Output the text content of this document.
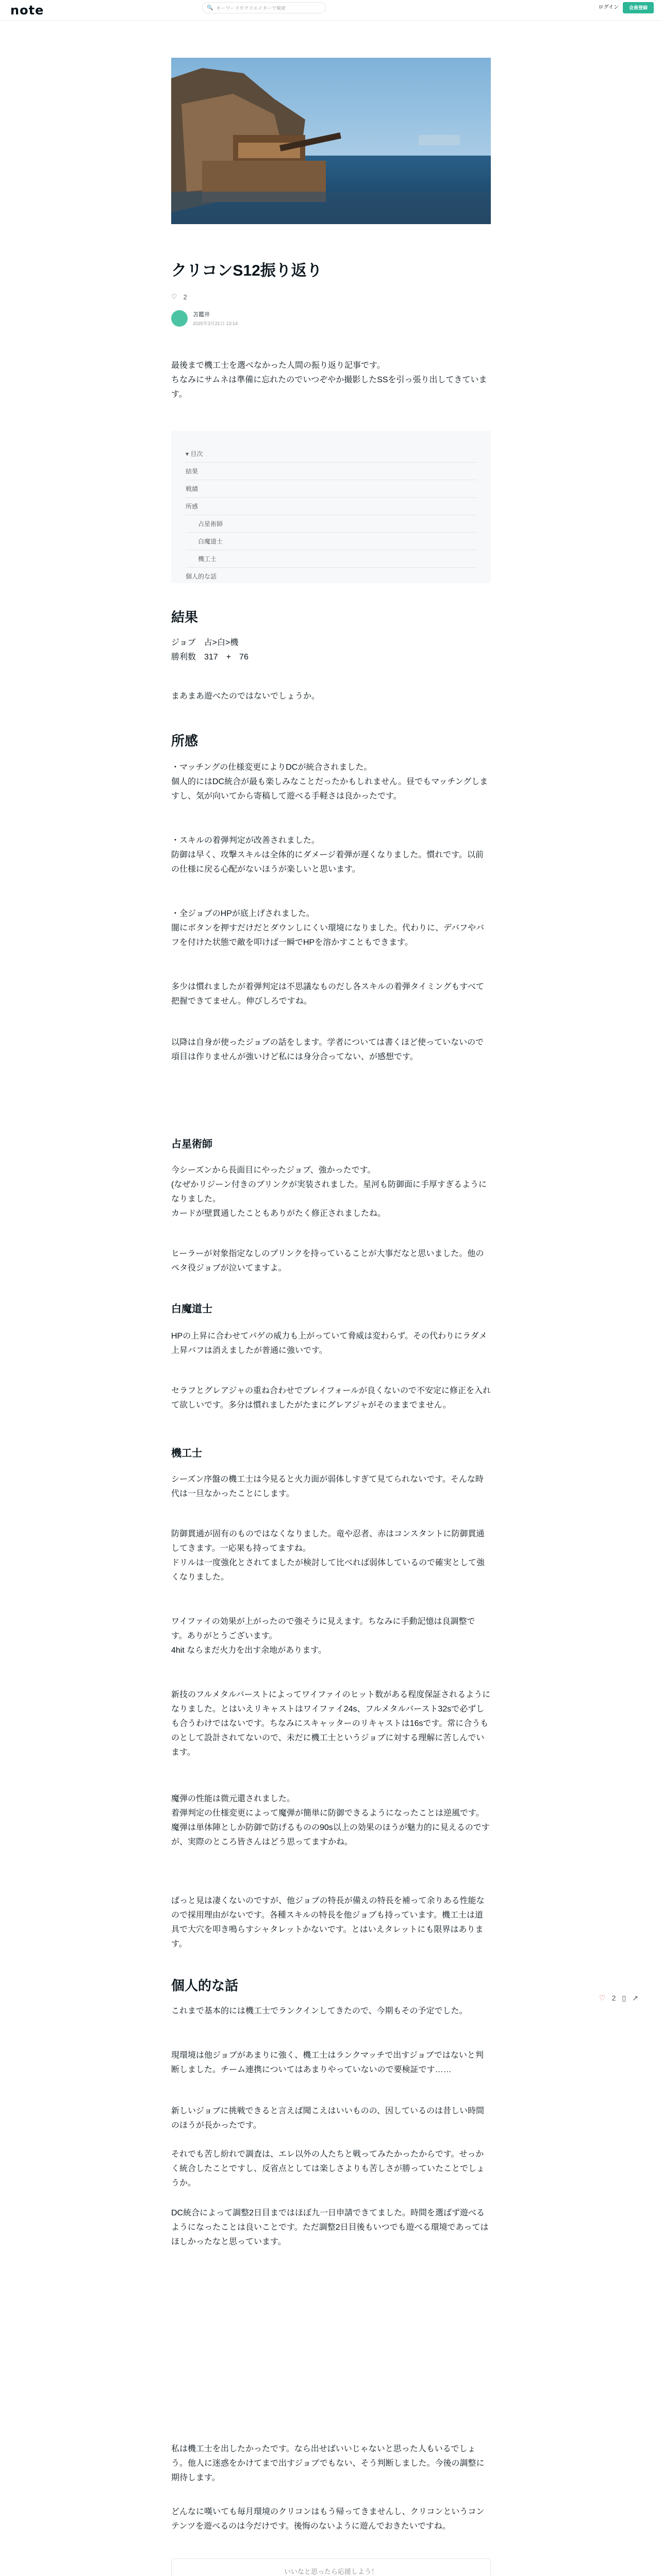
note	🔍 キーワードやクリエイターで検索	ログイン	会員登録
クリコンS12振り返り
♡ 2
苫鑑井
2025年3月21日 13:14
最後まで機工士を選べなかった人間の振り返り記事です。
ちなみにサムネは準備に忘れたのでいつぞやか撮影したSSを引っ張り出してきています。
▾ 目次
結果
戦績
所感
占星術師
白魔道士
機工士
個人的な話
結果
ジョブ　占>白>機
勝利数　317　+　76
まあまあ遊べたのではないでしょうか。
所感
・マッチングの仕様変更によりDCが統合されました。
個人的にはDC統合が最も楽しみなことだったかもしれません。昼でもマッチングしますし、気が向いてから寄稿して遊べる手軽さは良かったです。
・スキルの着弾判定が改善されました。
防御は早く、攻撃スキルは全体的にダメージ着弾が遅くなりました。慣れです。以前の仕様に戻る心配がないほうが楽しいと思います。
・全ジョブのHPが底上げされました。
闇にボタンを押すだけだとダウンしにくい環境になりました。代わりに、デバフやバフを付けた状態で敵を叩けば一瞬でHPを溶かすこともできます。
多少は慣れましたが着弾判定は不思議なものだし各スキルの着弾タイミングもすべて把握できてません。伸びしろですね。
以降は自身が使ったジョブの話をします。学者については書くほど使っていないので項目は作りませんが強いけど私には身分合ってない、が感想です。
占星術師
今シーズンから長面目にやったジョブ、強かったです。
(なぜかリジーン付きのブリンクが実装されました。星河も防御面に手厚すぎるようになりました。
カードが壁貫通したこともありがたく修正されましたね。
ヒーラーが対象指定なしのブリンクを持っていることが大事だなと思いました。他のペタ役ジョブが泣いてますよ。
白魔道士
HPの上昇に合わせてパゲの威力も上がっていて脅威は変わらず。その代わりにラダメ上昇バフは消えましたが普通に強いです。
セラフとグレアジャの重ね合わせでブレイフォールが良くないので不安定に修正を入れて欲しいです。多分は慣れましたがたまにグレアジャがそのままでません。
機工士
シーズン序盤の機工士は今見ると火力面が弱体しすぎて見てられないです。そんな時代は一旦なかったことにします。
防御貫通が固有のものではなくなりました。竜や忍者、赤はコンスタントに防御貫通してきます。一応果も持ってますね。
ドリルは一度強化とされてましたが検討して比べれば弱体しているので確実として強くなりました。
ワイファイの効果が上がったので強そうに見えます。ちなみに手動記憶は良調整です。ありがとうございます。
4hit ならまだ火力を出す余地があります。
新技のフルメタルバーストによってワイファイのヒット数がある程度保証されるようになりました。とはいえリキャストはワイファイ24s、フルメタルバースト32sで必ずしも合うわけではないです。ちなみにスキャッターのリキャストは16sです。常に合うものとして設計されてないので、未だに機工士というジョブに対する理解に苦しんでいます。
魔弾の性能は微元還されました。
着弾判定の仕様変更によって魔弾が簡単に防御できるようになったことは逆風です。魔弾は単体陣としか防御で防げるものの90s以上の効果のほうが魅力的に見えるのですが、実際のところ皆さんはどう思ってますかね。
ぱっと見は凄くないのですが、他ジョブの特長が備えの特長を補って余りある性能なので採用理由がないです。各種スキルの特長を他ジョブも持っています。機工士は道具で大穴を叩き鳴らすシャタレットかないです。とはいえタレットにも限界はあります。
個人的な話
これまで基本的には機工士でランクインしてきたので、今期もその予定でした。
現環境は他ジョブがあまりに強く、機工士はランクマッチで出すジョブではないと判断しました。チーム連携についてはあまりやっていないので要検証です……
新しいジョブに挑戦できると言えば聞こえはいいものの、因しているのは昔しい時間のほうが長かったです。
それでも苦し紛れで調査は、エレ以外の人たちと戦ってみたかったからです。せっかく統合したことですし、反省点としては楽しさよりも苦しさが勝っていたことでしょうか。
DC統合によって調整2日目まではほぼ九一日申請できてました。時間を選ばず遊べるようになったことは良いことです。ただ調整2日目後もいつでも遊べる環境であってはほしかったなと思っています。
私は機工士を出したかったです。なら出せばいいじゃないと思った人もいるでしょう。他人に迷惑をかけてまで出すジョブでもない、そう判断しました。今後の調整に期待します。
どんなに嘆いても毎月環境のクリコンはもう帰ってきませんし、クリコンというコンテンツを遊べるのは今だけです。後悔のないように遊んでおきたいですね。
♡ 2 ▯ ↗
いいなと思ったら応援しよう！
